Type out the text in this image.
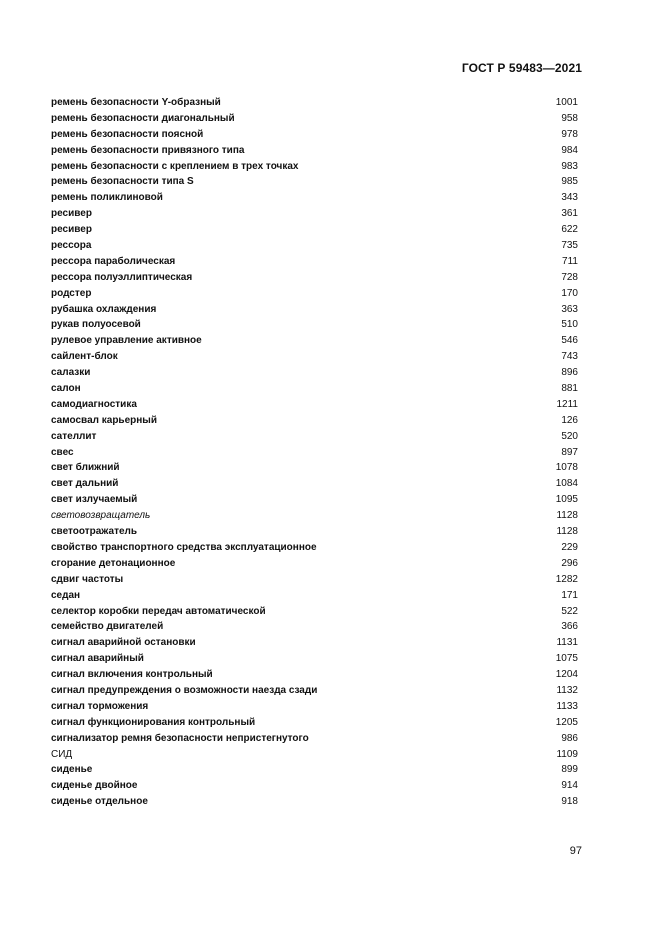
ГОСТ Р 59483—2021
ремень безопасности Y-образный	1001
ремень безопасности диагональный	958
ремень безопасности поясной	978
ремень безопасности привязного типа	984
ремень безопасности с креплением в трех точках	983
ремень безопасности типа S	985
ремень поликлиновой	343
ресивер	361
ресивер	622
рессора	735
рессора параболическая	711
рессора полуэллиптическая	728
родстер	170
рубашка охлаждения	363
рукав полуосевой	510
рулевое управление активное	546
сайлент-блок	743
салазки	896
салон	881
самодиагностика	1211
самосвал карьерный	126
сателлит	520
свес	897
свет ближний	1078
свет дальний	1084
свет излучаемый	1095
световозвращатель	1128
светоотражатель	1128
свойство транспортного средства эксплуатационное	229
сгорание детонационное	296
сдвиг частоты	1282
седан	171
селектор коробки передач автоматической	522
семейство двигателей	366
сигнал аварийной остановки	1131
сигнал аварийный	1075
сигнал включения контрольный	1204
сигнал предупреждения о возможности наезда сзади	1132
сигнал торможения	1133
сигнал функционирования контрольный	1205
сигнализатор ремня безопасности непристегнутого	986
СИД	1109
сиденье	899
сиденье двойное	914
сиденье отдельное	918
97
